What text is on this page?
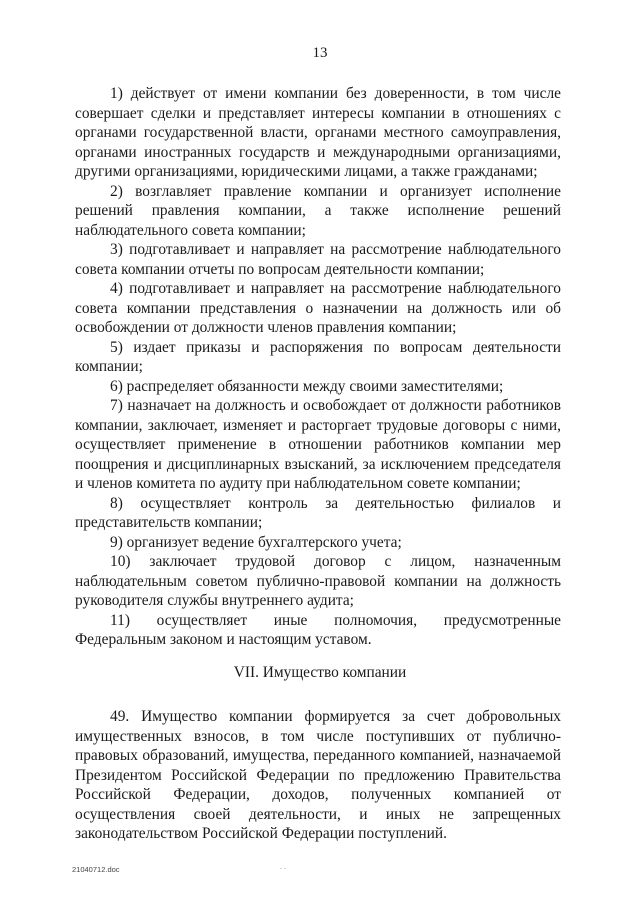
13

1) действует от имени компании без доверенности, в том числе совершает сделки и представляет интересы компании в отношениях с органами государственной власти, органами местного самоуправления, органами иностранных государств и международными организациями, другими организациями, юридическими лицами, а также гражданами;

2) возглавляет правление компании и организует исполнение решений правления компании, а также исполнение решений наблюдательного совета компании;

3) подготавливает и направляет на рассмотрение наблюдательного совета компании отчеты по вопросам деятельности компании;

4) подготавливает и направляет на рассмотрение наблюдательного совета компании представления о назначении на должность или об освобождении от должности членов правления компании;

5) издает приказы и распоряжения по вопросам деятельности компании;

6) распределяет обязанности между своими заместителями;

7) назначает на должность и освобождает от должности работников компании, заключает, изменяет и расторгает трудовые договоры с ними, осуществляет применение в отношении работников компании мер поощрения и дисциплинарных взысканий, за исключением председателя и членов комитета по аудиту при наблюдательном совете компании;

8) осуществляет контроль за деятельностью филиалов и представительств компании;

9) организует ведение бухгалтерского учета;

10) заключает трудовой договор с лицом, назначенным наблюдательным советом публично-правовой компании на должность руководителя службы внутреннего аудита;

11) осуществляет иные полномочия, предусмотренные Федеральным законом и настоящим уставом.

VII. Имущество компании

49. Имущество компании формируется за счет добровольных имущественных взносов, в том числе поступивших от публично-правовых образований, имущества, переданного компанией, назначаемой Президентом Российской Федерации по предложению Правительства Российской Федерации, доходов, полученных компанией от осуществления своей деятельности, и иных не запрещенных законодательством Российской Федерации поступлений.

21040712.doc	. .
